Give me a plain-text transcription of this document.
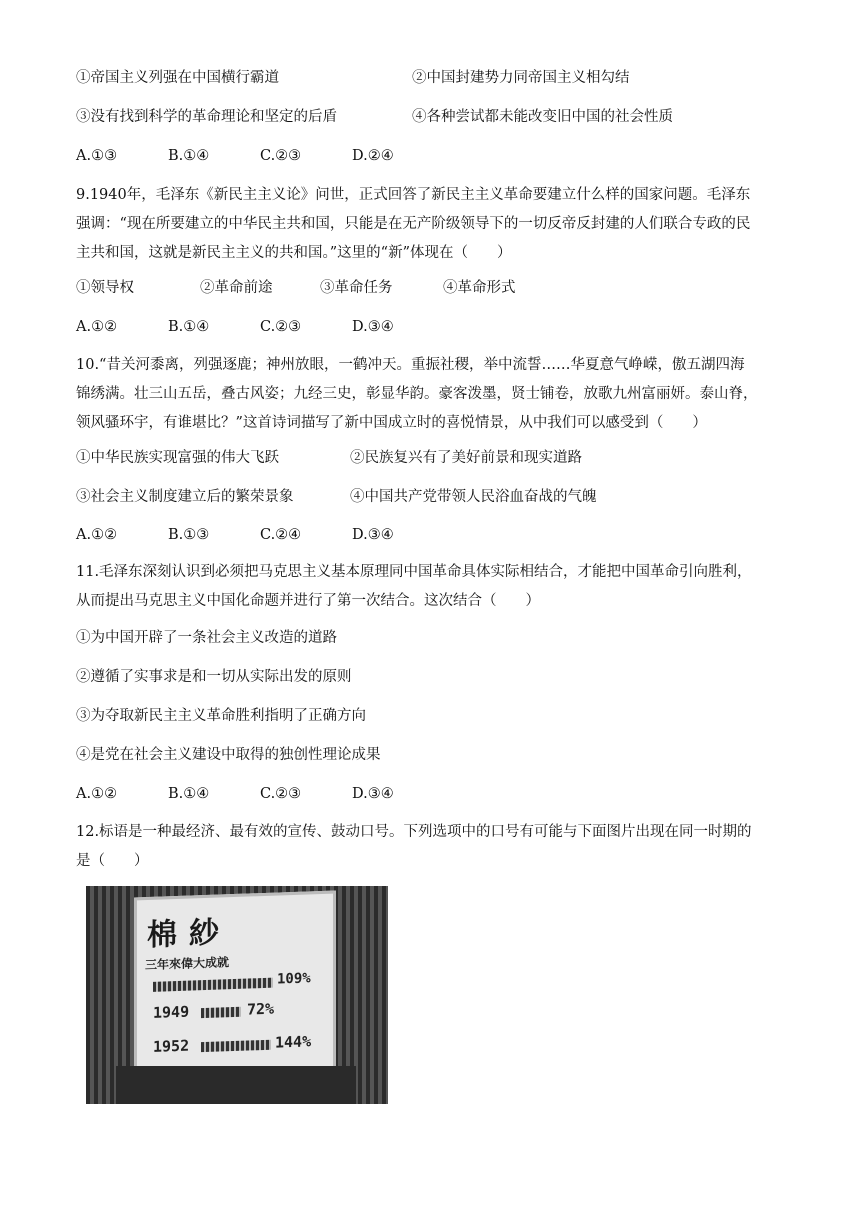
①帝国主义列强在中国横行霸道	②中国封建势力同帝国主义相勾结
③没有找到科学的革命理论和坚定的后盾	④各种尝试都未能改变旧中国的社会性质
A.①③	B.①④	C.②③	D.②④
9.1940年，毛泽东《新民主主义论》问世，正式回答了新民主主义革命要建立什么样的国家问题。毛泽东
强调：“现在所要建立的中华民主共和国，只能是在无产阶级领导下的一切反帝反封建的人们联合专政的民
主共和国，这就是新民主主义的共和国。”这里的“新”体现在（　　）
①领导权	②革命前途	③革命任务	④革命形式
A.①②	B.①④	C.②③	D.③④
10.“昔关河黍离，列强逐鹿；神州放眼，一鹤冲天。重振社稷，举中流誓……华夏意气峥嵘，傲五湖四海
锦绣满。壮三山五岳，叠古风姿；九经三史，彰显华韵。豪客泼墨，贤士铺卷，放歌九州富丽妍。泰山脊，
领风骚环宇，有谁堪比？”这首诗词描写了新中国成立时的喜悦情景，从中我们可以感受到（　　）
①中华民族实现富强的伟大飞跃	②民族复兴有了美好前景和现实道路
③社会主义制度建立后的繁荣景象	④中国共产党带领人民浴血奋战的气魄
A.①②	B.①③	C.②④	D.③④
11.毛泽东深刻认识到必须把马克思主义基本原理同中国革命具体实际相结合，才能把中国革命引向胜利，
从而提出马克思主义中国化命题并进行了第一次结合。这次结合（　　）
①为中国开辟了一条社会主义改造的道路
②遵循了实事求是和一切从实际出发的原则
③为夺取新民主主义革命胜利指明了正确方向
④是党在社会主义建设中取得的独创性理论成果
A.①②	B.①④	C.②③	D.③④
12.标语是一种最经济、最有效的宣传、鼓动口号。下列选项中的口号有可能与下面图片出现在同一时期的
是（　　）
棉 紗
三年來偉大成就
109%
1949	72%
1952	144%
